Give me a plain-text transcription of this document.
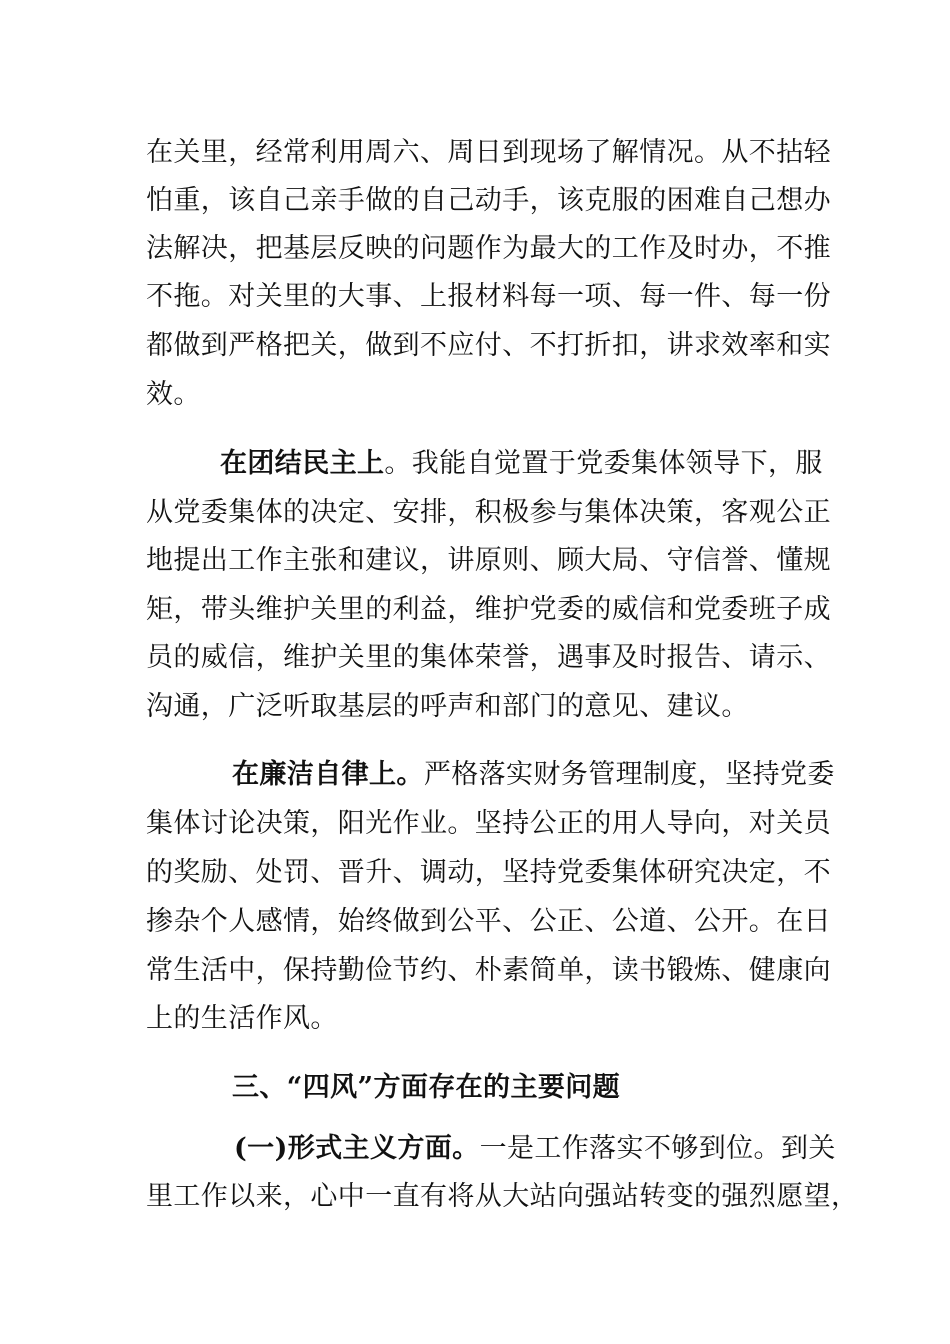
在关里，经常利用周六、周日到现场了解情况。从不拈轻
怕重，该自己亲手做的自己动手，该克服的困难自己想办
法解决，把基层反映的问题作为最大的工作及时办，不推
不拖。对关里的大事、上报材料每一项、每一件、每一份
都做到严格把关，做到不应付、不打折扣，讲求效率和实
效。
在团结民主上。我能自觉置于党委集体领导下，服
从党委集体的决定、安排，积极参与集体决策，客观公正
地提出工作主张和建议，讲原则、顾大局、守信誉、懂规
矩，带头维护关里的利益，维护党委的威信和党委班子成
员的威信，维护关里的集体荣誉，遇事及时报告、请示、
沟通，广泛听取基层的呼声和部门的意见、建议。
在廉洁自律上。严格落实财务管理制度，坚持党委
集体讨论决策，阳光作业。坚持公正的用人导向，对关员
的奖励、处罚、晋升、调动，坚持党委集体研究决定，不
掺杂个人感情，始终做到公平、公正、公道、公开。在日
常生活中，保持勤俭节约、朴素简单，读书锻炼、健康向
上的生活作风。
三、“四风”方面存在的主要问题
(一)形式主义方面。一是工作落实不够到位。到关
里工作以来，心中一直有将从大站向强站转变的强烈愿望，
